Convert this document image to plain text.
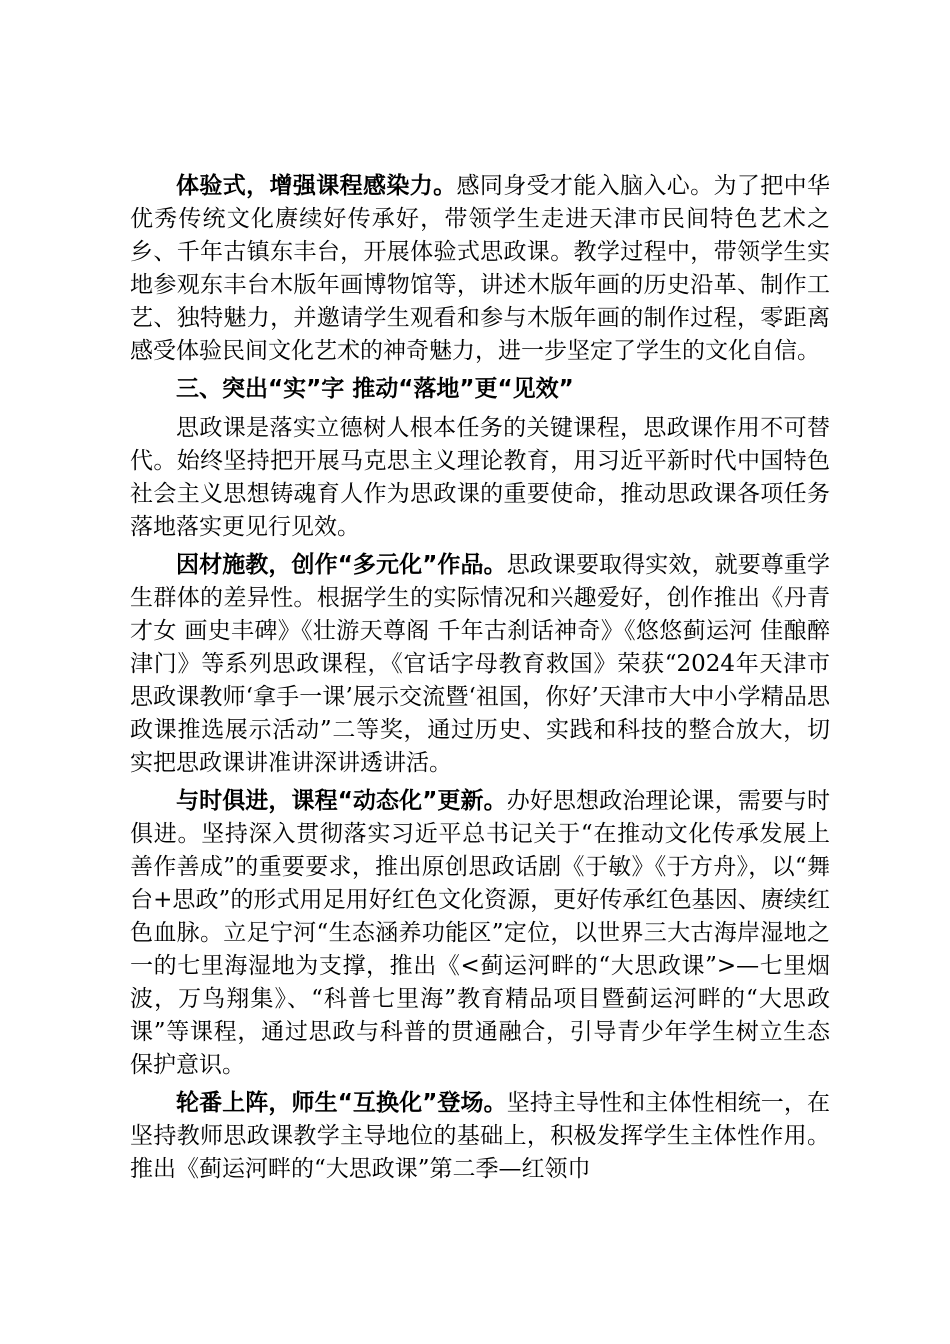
体验式，增强课程感染力。感同身受才能入脑入心。为了把中华优秀传统文化赓续好传承好，带领学生走进天津市民间特色艺术之乡、千年古镇东丰台，开展体验式思政课。教学过程中，带领学生实地参观东丰台木版年画博物馆等，讲述木版年画的历史沿革、制作工艺、独特魅力，并邀请学生观看和参与木版年画的制作过程，零距离感受体验民间文化艺术的神奇魅力，进一步坚定了学生的文化自信。

三、突出“实”字 推动“落地”更“见效”

思政课是落实立德树人根本任务的关键课程，思政课作用不可替代。始终坚持把开展马克思主义理论教育，用习近平新时代中国特色社会主义思想铸魂育人作为思政课的重要使命，推动思政课各项任务落地落实更见行见效。

因材施教，创作“多元化”作品。思政课要取得实效，就要尊重学生群体的差异性。根据学生的实际情况和兴趣爱好，创作推出《丹青才女 画史丰碑》《壮游天尊阁 千年古刹话神奇》《悠悠蓟运河 佳酿醉津门》等系列思政课程，《官话字母教育救国》荣获“2024年天津市思政课教师‘拿手一课’展示交流暨‘祖国，你好’天津市大中小学精品思政课推选展示活动”二等奖，通过历史、实践和科技的整合放大，切实把思政课讲准讲深讲透讲活。

与时俱进，课程“动态化”更新。办好思想政治理论课，需要与时俱进。坚持深入贯彻落实习近平总书记关于“在推动文化传承发展上善作善成”的重要要求，推出原创思政话剧《于敏》《于方舟》，以“舞台+思政”的形式用足用好红色文化资源，更好传承红色基因、赓续红色血脉。立足宁河“生态涵养功能区”定位，以世界三大古海岸湿地之一的七里海湿地为支撑，推出《<蓟运河畔的“大思政课”>—七里烟波，万鸟翔集》、“科普七里海”教育精品项目暨蓟运河畔的“大思政课”等课程，通过思政与科普的贯通融合，引导青少年学生树立生态保护意识。

轮番上阵，师生“互换化”登场。坚持主导性和主体性相统一，在坚持教师思政课教学主导地位的基础上，积极发挥学生主体性作用。推出《蓟运河畔的“大思政课”第二季—红领巾
